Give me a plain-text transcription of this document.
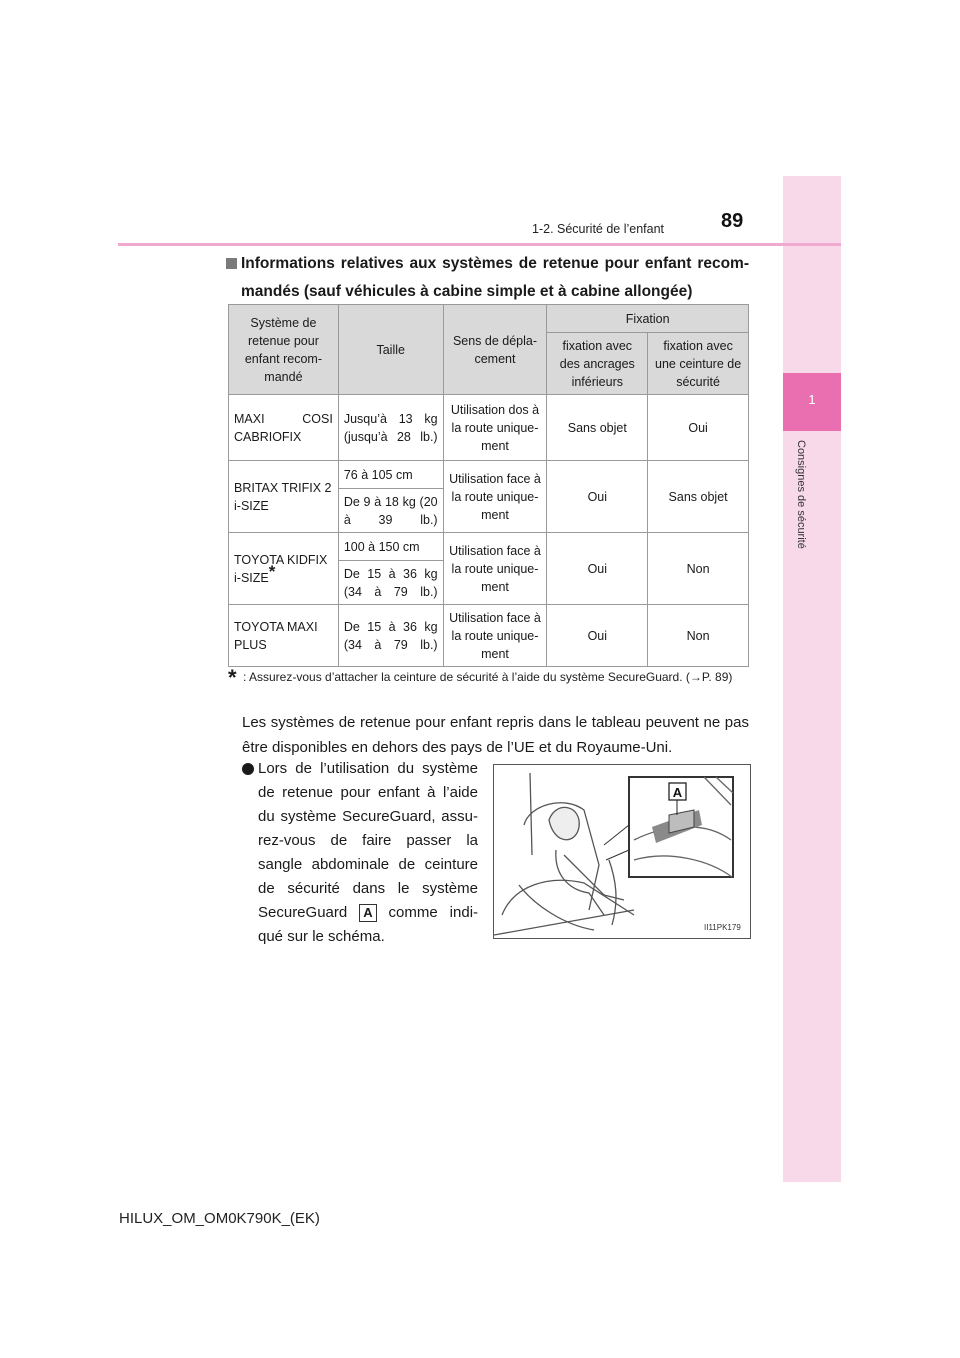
1
Consignes de sécurité
1-2. Sécurité de l’enfant	89
Informations relatives aux systèmes de retenue pour enfant recom-mandés (sauf véhicules à cabine simple et à cabine allongée)
Système de retenue pour enfant recom-mandé	Taille	Sens de dépla-cement	Fixation	
			fixation avec des ancrages inférieurs	fixation avec une ceinture de sécurité
MAXI COSI CABRIOFIX	Jusqu’à 13 kg (jusqu’à 28 lb.)	Utilisation dos à la route unique-ment	Sans objet	Oui
BRITAX TRIFIX 2 i-SIZE	76 à 105 cm	Utilisation face à la route unique-ment	Oui	Sans objet
	De 9 à 18 kg (20 à 39 lb.)			
TOYOTA KIDFIX i-SIZE*	100 à 150 cm	Utilisation face à la route unique-ment	Oui	Non
	De 15 à 36 kg (34 à 79 lb.)			
TOYOTA MAXI PLUS	De 15 à 36 kg (34 à 79 lb.)	Utilisation face à la route unique-ment	Oui	Non
* : Assurez-vous d’attacher la ceinture de sécurité à l’aide du système SecureGuard. (→P. 89)
Les systèmes de retenue pour enfant repris dans le tableau peuvent ne pas être disponibles en dehors des pays de l’UE et du Royaume-Uni.
Lors de l’utilisation du système de retenue pour enfant à l’aide du système SecureGuard, assu-rez-vous de faire passer la sangle abdominale de ceinture de sécurité dans le système SecureGuard A comme indi-qué sur le schéma.
A
II11PK179
HILUX_OM_OM0K790K_(EK)
